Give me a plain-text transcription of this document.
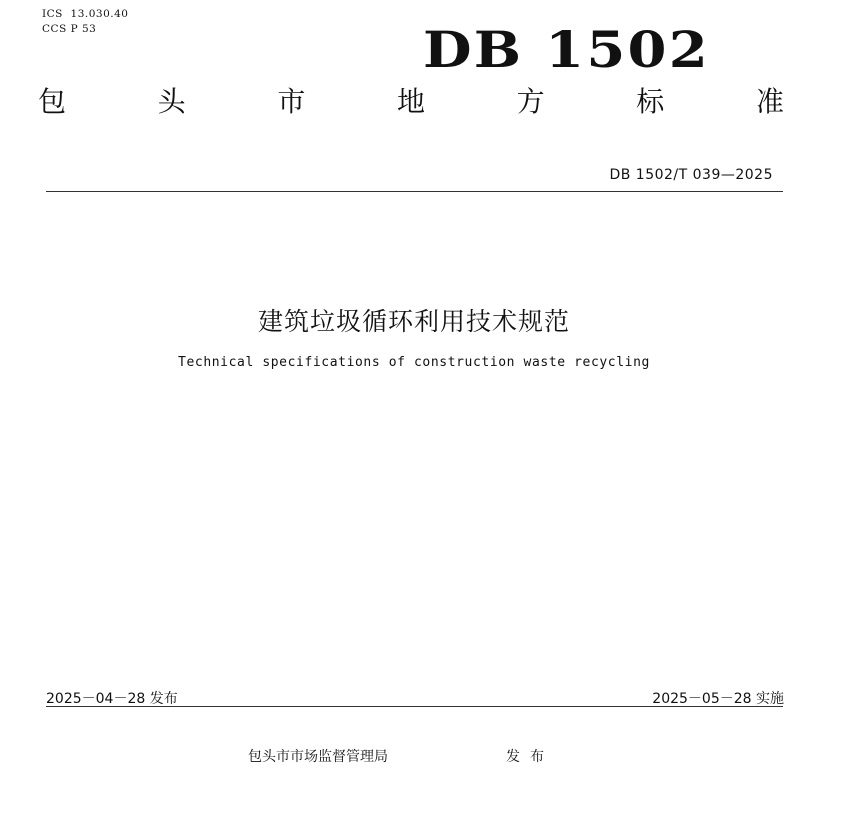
ICS  13.030.40
CCS P 53	DB 1502
包	头	市	地	方	标	准
DB 1502/T 039—2025
建筑垃圾循环利用技术规范
Technical specifications of construction waste recycling
2025－04－28 发布	2025－05－28 实施
包头市市场监督管理局	发布
